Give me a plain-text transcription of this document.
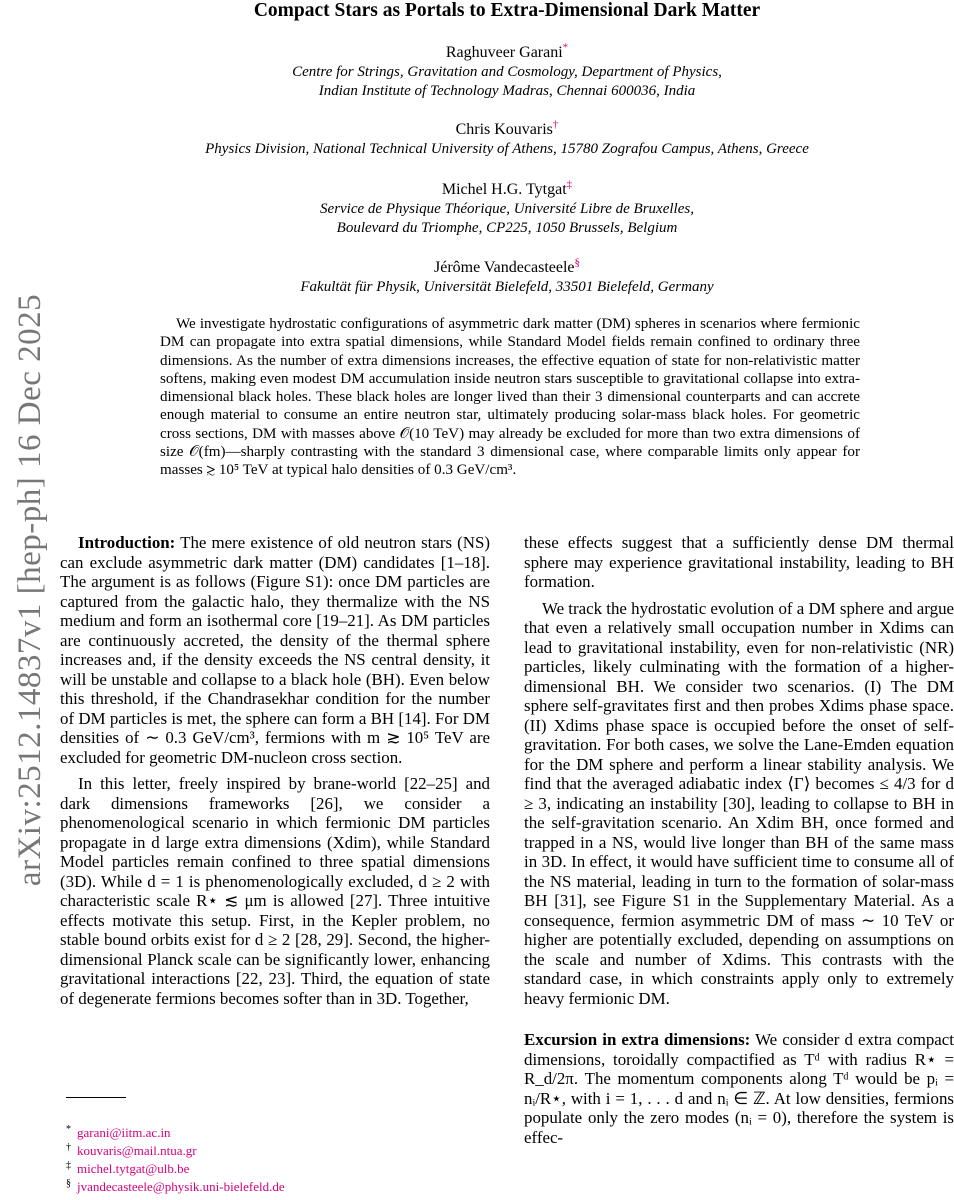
arXiv:2512.14837v1 [hep-ph] 16 Dec 2025
Compact Stars as Portals to Extra-Dimensional Dark Matter
Raghuveer Garani*
Centre for Strings, Gravitation and Cosmology, Department of Physics,
Indian Institute of Technology Madras, Chennai 600036, India
Chris Kouvaris†
Physics Division, National Technical University of Athens, 15780 Zografou Campus, Athens, Greece
Michel H.G. Tytgat‡
Service de Physique Théorique, Université Libre de Bruxelles,
Boulevard du Triomphe, CP225, 1050 Brussels, Belgium
Jérôme Vandecasteele§
Fakultät für Physik, Universität Bielefeld, 33501 Bielefeld, Germany
We investigate hydrostatic configurations of asymmetric dark matter (DM) spheres in scenarios where fermionic DM can propagate into extra spatial dimensions, while Standard Model fields remain confined to ordinary three dimensions. As the number of extra dimensions increases, the effective equation of state for non-relativistic matter softens, making even modest DM accumulation inside neutron stars susceptible to gravitational collapse into extra-dimensional black holes. These black holes are longer lived than their 3 dimensional counterparts and can accrete enough material to consume an entire neutron star, ultimately producing solar-mass black holes. For geometric cross sections, DM with masses above 𝒪(10 TeV) may already be excluded for more than two extra dimensions of size 𝒪(fm)—sharply contrasting with the standard 3 dimensional case, where comparable limits only appear for masses ≳ 10⁵ TeV at typical halo densities of 0.3 GeV/cm³.

Introduction: The mere existence of old neutron stars (NS) can exclude asymmetric dark matter (DM) candidates [1–18]. The argument is as follows (Figure S1): once DM particles are captured from the galactic halo, they thermalize with the NS medium and form an isothermal core [19–21]. As DM particles are continuously accreted, the density of the thermal sphere increases and, if the density exceeds the NS central density, it will be unstable and collapse to a black hole (BH). Even below this threshold, if the Chandrasekhar condition for the number of DM particles is met, the sphere can form a BH [14]. For DM densities of ∼ 0.3 GeV/cm³, fermions with m ≳ 10⁵ TeV are excluded for geometric DM-nucleon cross section.

In this letter, freely inspired by brane-world [22–25] and dark dimensions frameworks [26], we consider a phenomenological scenario in which fermionic DM particles propagate in d large extra dimensions (Xdim), while Standard Model particles remain confined to three spatial dimensions (3D). While d = 1 is phenomenologically excluded, d ≥ 2 with characteristic scale R⋆ ≲ μm is allowed [27]. Three intuitive effects motivate this setup. First, in the Kepler problem, no stable bound orbits exist for d ≥ 2 [28, 29]. Second, the higher-dimensional Planck scale can be significantly lower, enhancing gravitational interactions [22, 23]. Third, the equation of state of degenerate fermions becomes softer than in 3D. Together,

these effects suggest that a sufficiently dense DM thermal sphere may experience gravitational instability, leading to BH formation.

We track the hydrostatic evolution of a DM sphere and argue that even a relatively small occupation number in Xdims can lead to gravitational instability, even for non-relativistic (NR) particles, likely culminating with the formation of a higher-dimensional BH. We consider two scenarios. (I) The DM sphere self-gravitates first and then probes Xdims phase space. (II) Xdims phase space is occupied before the onset of self-gravitation. For both cases, we solve the Lane-Emden equation for the DM sphere and perform a linear stability analysis. We find that the averaged adiabatic index ⟨Γ⟩ becomes ≤ 4/3 for d ≥ 3, indicating an instability [30], leading to collapse to BH in the self-gravitation scenario. An Xdim BH, once formed and trapped in a NS, would live longer than BH of the same mass in 3D. In effect, it would have sufficient time to consume all of the NS material, leading in turn to the formation of solar-mass BH [31], see Figure S1 in the Supplementary Material. As a consequence, fermion asymmetric DM of mass ∼ 10 TeV or higher are potentially excluded, depending on assumptions on the scale and number of Xdims. This contrasts with the standard case, in which constraints apply only to extremely heavy fermionic DM.

Excursion in extra dimensions: We consider d extra compact dimensions, toroidally compactified as Tᵈ with radius R⋆ = R_d/2π. The momentum components along Tᵈ would be pᵢ = nᵢ/R⋆, with i = 1, . . . d and nᵢ ∈ ℤ. At low densities, fermions populate only the zero modes (nᵢ = 0), therefore the system is effec-

* garani@iitm.ac.in
† kouvaris@mail.ntua.gr
‡ michel.tytgat@ulb.be
§ jvandecasteele@physik.uni-bielefeld.de
